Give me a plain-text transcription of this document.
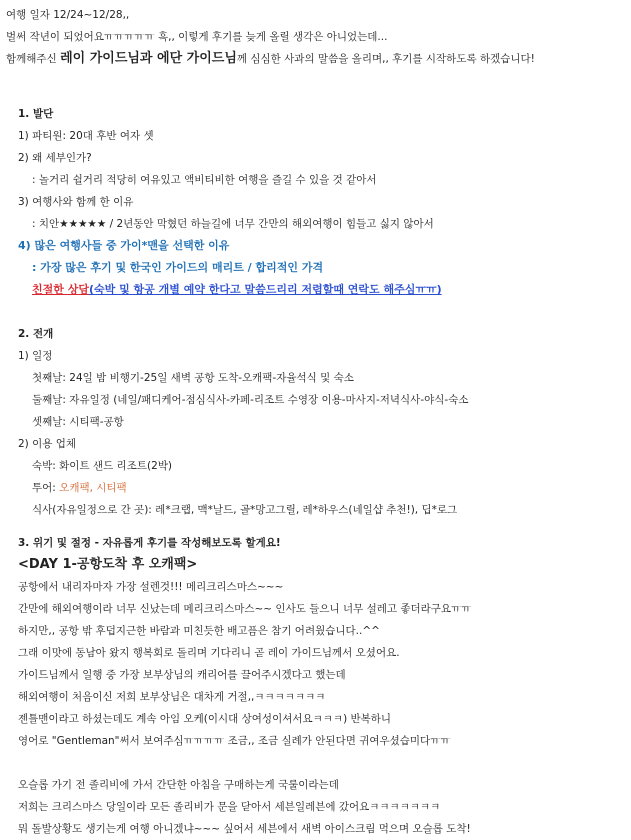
여행 일자 12/24~12/28,,
벌써 작년이 되었어요ㅠㅠㅠㅠㅠ 흑,, 이렇게 후기를 늦게 올릴 생각은 아니었는데...
함께해주신 레이 가이드님과 에단 가이드님께 심심한 사과의 말씀을 올리며,, 후기를 시작하도록 하겠습니다!
1. 발단
1) 파티원: 20대 후반 여자 셋
2) 왜 세부인가?
: 놀거리 쉴거리 적당히 여유있고 액비티비한 여행을 즐길 수 있을 것 같아서
3) 여행사와 함께 한 이유
: 치안★★★★★ / 2년동안 막혔던 하늘길에 너무 간만의 해외여행이 힘들고 싫지 않아서
4) 많은 여행사들 중 가이*맨을 선택한 이유
: 가장 많은 후기 및 한국인 가이드의 매리트 / 합리적인 가격
친절한 상담(숙박 및 항공 개별 예약 한다고 말씀드리리 저렴할때 연락도 해주심ㅠㅠ)
2. 전개
1) 일정
첫째날: 24일 밤 비행기-25일 새벽 공항 도착-오캐팩-자율석식 및 숙소
둘째날: 자유일정 (네일/패디케어-점심식사-카페-리조트 수영장 이용-마사지-저녁식사-야식-숙소
셋째날: 시티팩-공항
2) 이용 업체
숙박: 화이트 샌드 리조트(2박)
투어: 오캐팩, 시티팩
식사(자유일정으로 간 곳): 레*크랩, 맥*날드, 골*망고그릴, 레*하우스(네일샵 추천!), 딥*로그
3. 위기 및 절정 - 자유롭게 후기를 작성해보도록 할게요!
<DAY 1-공항도착 후 오캐팩>
공항에서 내리자마자 가장 설렌것!!! 메리크리스마스~~~
간만에 해외여행이라 너무 신났는데 메리크리스마스~~ 인사도 들으니 너무 설레고 좋더라구요ㅠㅠ
하지만,, 공항 밖 후덥지근한 바람과 미친듯한 배고픔은 참기 어려웠습니다..^^
그래 이맛에 동남아 왔지 행복회로 돌리며 기다리니 곧 레이 가이드님께서 오셨어요.
가이드님께서 일행 중 가장 보부상님의 캐리어를 끌어주시겠다고 했는데
해외여행이 처음이신 저희 보부상님은 대차게 거절,,ㅋㅋㅋㅋㅋㅋㅋ
젠틀맨이라고 하셨는데도 계속 아임 오케(이시대 상여성이셔서요ㅋㅋㅋ) 반복하니
영어로 "Gentleman"써서 보여주심ㅠㅠㅠㅠ 조금,, 조금 실례가 안된다면 귀여우셨습미다ㅠㅠ
오슬롭 가기 전 졸리비에 가서 간단한 아침을 구매하는게 국룰이라는데
저희는 크리스마스 당일이라 모든 졸리비가 문을 닫아서 세븐일레븐에 갔어요ㅋㅋㅋㅋㅋㅋㅋ
뭐 돌발상황도 생기는게 여행 아니겠냐~~~ 싶어서 세븐에서 새벽 아이스크림 먹으며 오슬롭 도착!
